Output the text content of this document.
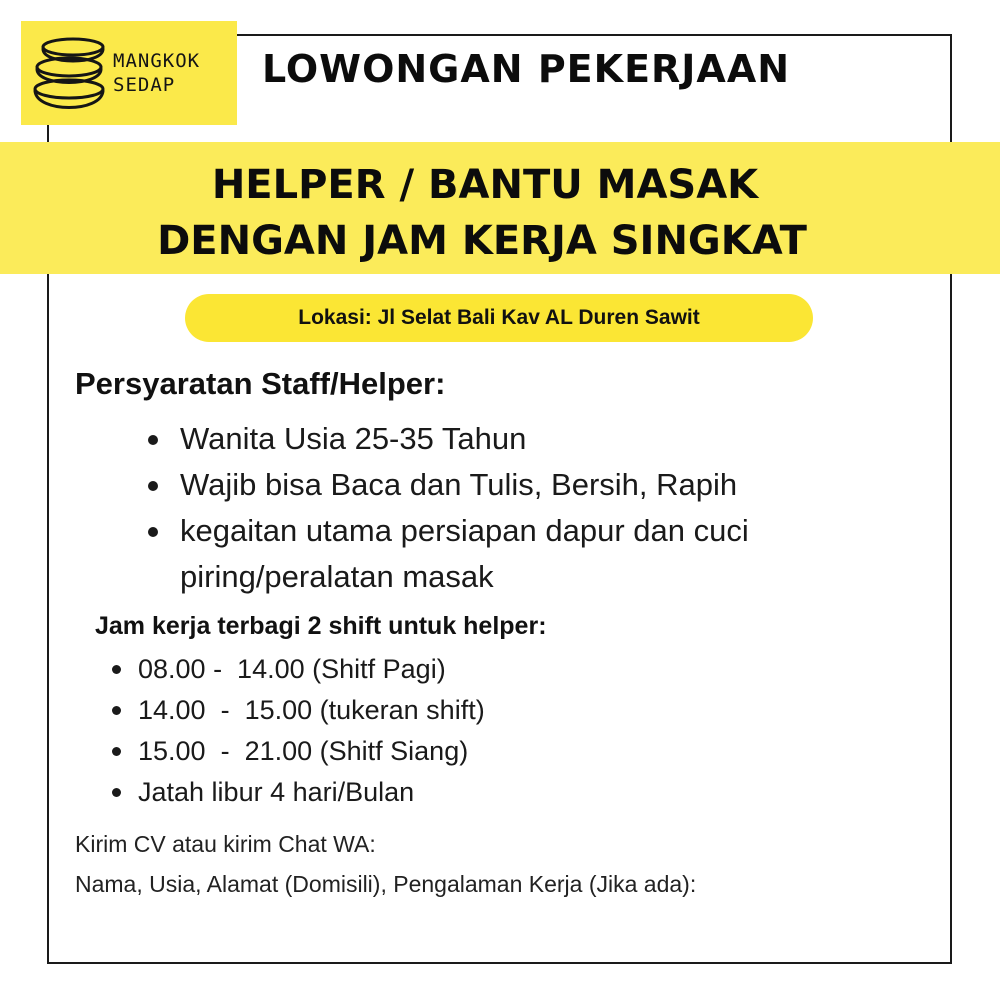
HELPER / BANTU MASAK
DENGAN JAM KERJA SINGKAT
MANGKOK
SEDAP	LOWONGAN PEKERJAAN
Lokasi: Jl Selat Bali Kav AL Duren Sawit
Persyaratan Staff/Helper:
Wanita Usia 25-35 Tahun
Wajib bisa Baca dan Tulis, Bersih, Rapih
kegaitan utama persiapan dapur dan cuci piring/peralatan masak
Jam kerja terbagi 2 shift untuk helper:
08.00 -  14.00 (Shitf Pagi)
14.00  -  15.00 (tukeran shift)
15.00  -  21.00 (Shitf Siang)
Jatah libur 4 hari/Bulan
Kirim CV atau kirim Chat WA:
Nama, Usia, Alamat (Domisili), Pengalaman Kerja (Jika ada):
